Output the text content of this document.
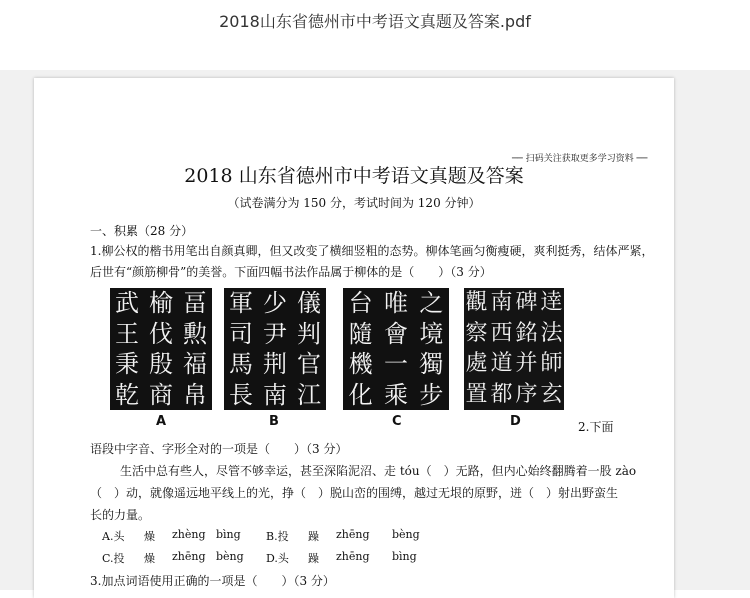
2018山东省德州市中考语文真题及答案.pdf
── 扫码关注获取更多学习资料 ──
2018 山东省德州市中考语文真题及答案
（试卷满分为 150 分，考试时间为 120 分钟）
一、积累（28 分）
1.柳公权的楷书用笔出自颜真卿，但又改变了横细竖粗的态势。柳体笔画匀衡瘦硬，爽利挺秀，结体严紧，
后世有“颜筋柳骨”的美誉。下面四幅书法作品属于柳体的是（　　）（3 分）
武 榆 畐
王 伐 勲
秉 殷 福
乾 商 帛
A
軍 少 儀
司 尹 判
馬 荆 官
長 南 江
B
台 唯 之
隨 會 境
機 一 獨
化 乘 步
C
觀 南 碑 逹
察 西 銘 法
處 道 并 師
置 都 序 玄
D	2.下面
语段中字音、字形全对的一项是（　　）（3 分）
生活中总有些人，尽管不够幸运，甚至深陷泥沼、走 tóu（　）无路，但内心始终翻腾着一股 zào
（　）动，就像遥远地平线上的光，挣（　）脱山峦的围缚，越过无垠的原野，迸（　）射出野蛮生
长的力量。
A.头 燥 zhèng bìng B.投 躁 zhēng bèng
C.投 燥 zhēng bèng D.头 躁 zhēng bìng
3.加点词语使用正确的一项是（　　）（3 分）
